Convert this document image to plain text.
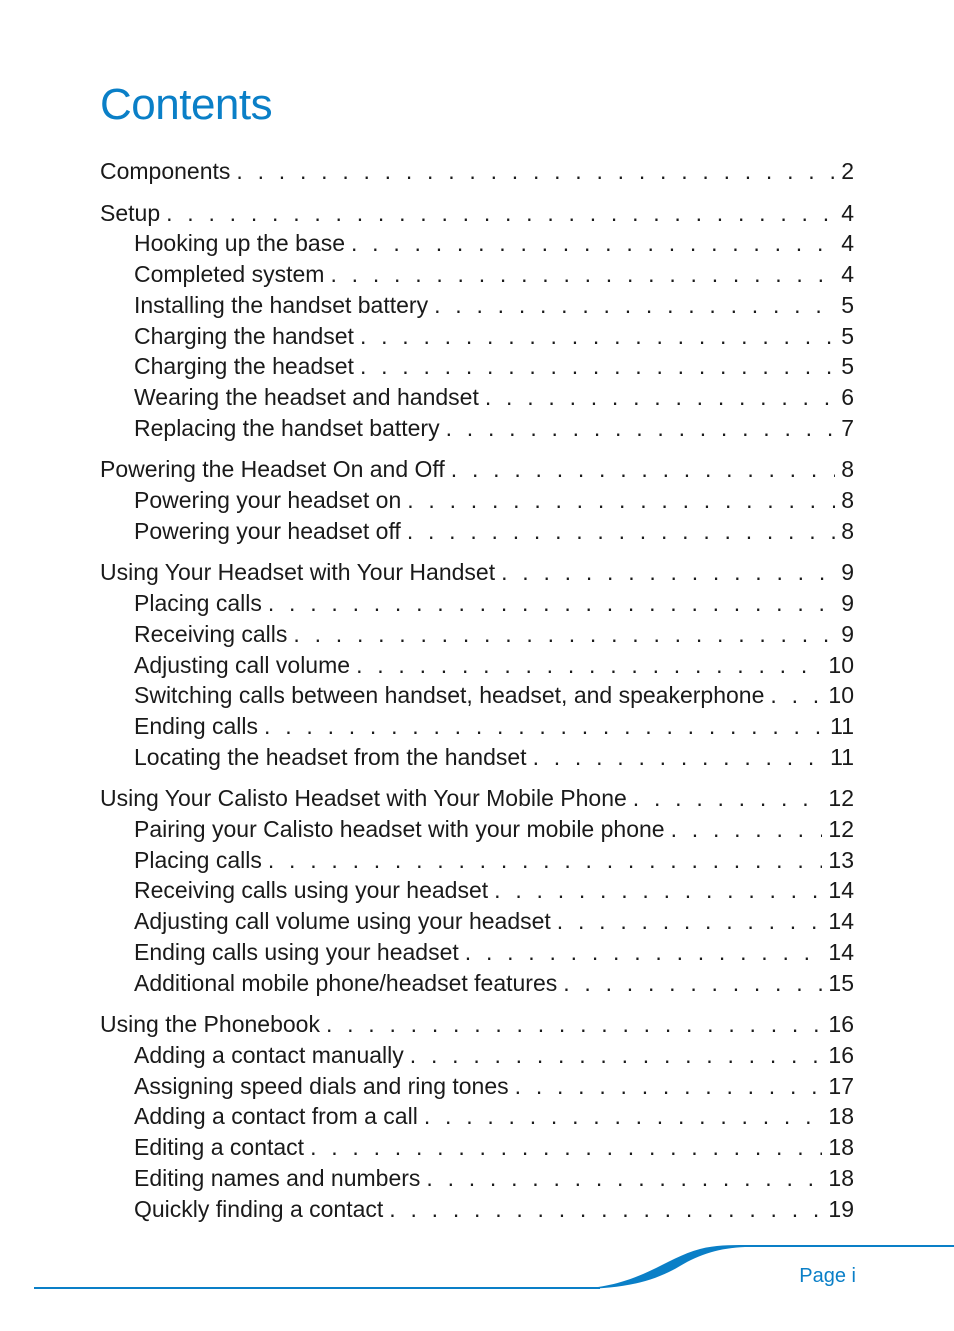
Contents
Components . . .	2
Setup . . .	4
Hooking up the base . . .	4
Completed system . . .	4
Installing the handset battery . . .	5
Charging the handset . . .	5
Charging the headset . . .	5
Wearing the headset and handset . . .	6
Replacing the handset battery . . .	7
Powering the Headset On and Off . . .	8
Powering your headset on . . .	8
Powering your headset off . . .	8
Using Your Headset with Your Handset . . .	9
Placing calls . . .	9
Receiving calls . . .	9
Adjusting call volume . . .	10
Switching calls between handset, headset, and speakerphone . . .	10
Ending calls . . .	11
Locating the headset from the handset . . .	11
Using Your Calisto Headset with Your Mobile Phone . . .	12
Pairing your Calisto headset with your mobile phone . . .	12
Placing calls . . .	13
Receiving calls using your headset . . .	14
Adjusting call volume using your headset . . .	14
Ending calls using your headset . . .	14
Additional mobile phone/headset features . . .	15
Using the Phonebook . . .	16
Adding a contact manually . . .	16
Assigning speed dials and ring tones . . .	17
Adding a contact from a call . . .	18
Editing a contact . . .	18
Editing names and numbers . . .	18
Quickly finding a contact . . .	19
Page i
